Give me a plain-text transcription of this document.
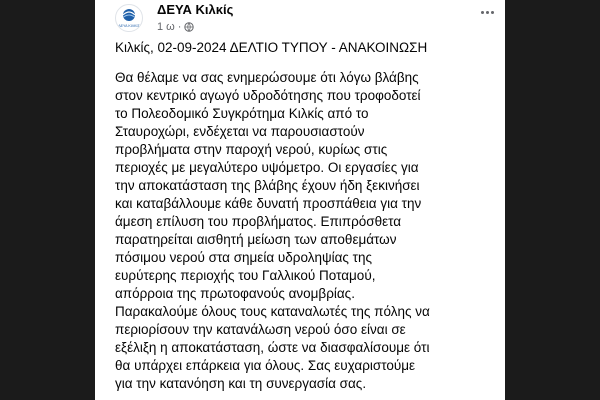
ΔΕΥΑ ΚΙΛΚΙΣ
ΔΕΥΑ Κιλκίς
1 ω ·
Κιλκίς, 02-09-2024 ΔΕΛΤΙΟ ΤΥΠΟΥ - ΑΝΑΚΟΙΝΩΣΗ
Θα θέλαμε να σας ενημερώσουμε ότι λόγω βλάβης
στον κεντρικό αγωγό υδροδότησης που τροφοδοτεί
το Πολεοδομικό Συγκρότημα Κιλκίς από το
Σταυροχώρι, ενδέχεται να παρουσιαστούν
προβλήματα στην παροχή νερού, κυρίως στις
περιοχές με μεγαλύτερο υψόμετρο. Οι εργασίες για
την αποκατάσταση της βλάβης έχουν ήδη ξεκινήσει
και καταβάλλουμε κάθε δυνατή προσπάθεια για την
άμεση επίλυση του προβλήματος. Επιπρόσθετα
παρατηρείται αισθητή μείωση των αποθεμάτων
πόσιμου νερού στα σημεία υδροληψίας της
ευρύτερης περιοχής του Γαλλικού Ποταμού,
απόρροια της πρωτοφανούς ανομβρίας.
Παρακαλούμε όλους τους καταναλωτές της πόλης να
περιορίσουν την κατανάλωση νερού όσο είναι σε
εξέλιξη η αποκατάσταση, ώστε να διασφαλίσουμε ότι
θα υπάρχει επάρκεια για όλους. Σας ευχαριστούμε
για την κατανόηση και τη συνεργασία σας.
